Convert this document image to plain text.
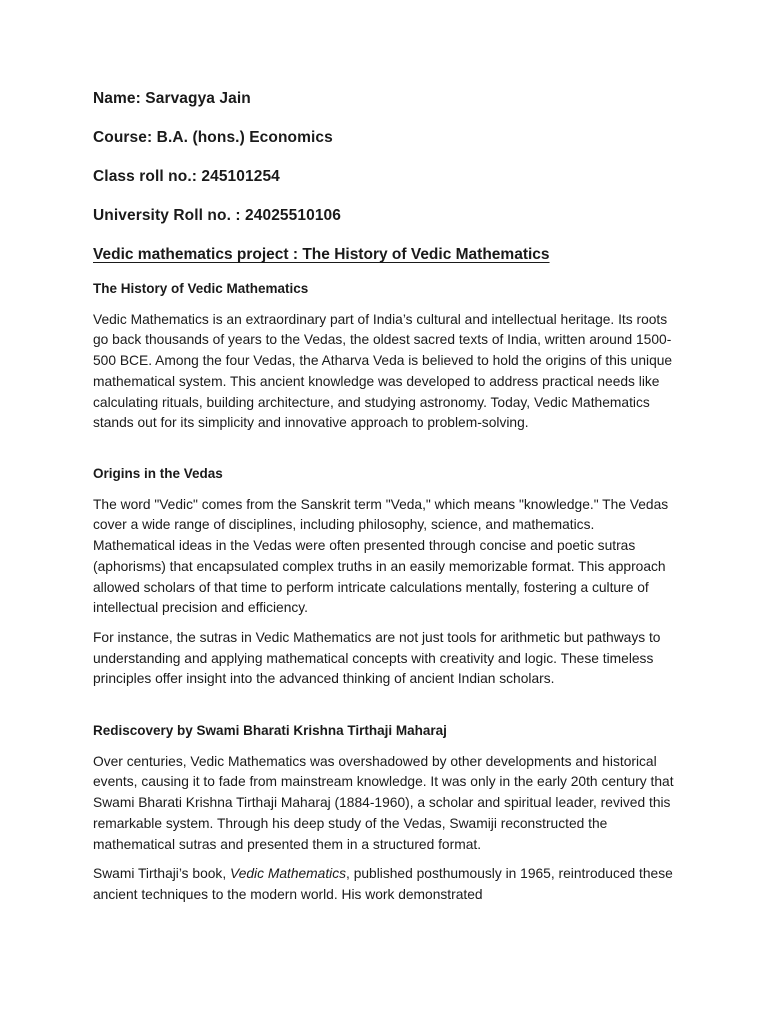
Name: Sarvagya Jain
Course: B.A. (hons.) Economics
Class roll no.: 245101254
University Roll no. : 24025510106
Vedic mathematics project : The History of Vedic Mathematics

The History of Vedic Mathematics

Vedic Mathematics is an extraordinary part of India’s cultural and intellectual heritage. Its roots go back thousands of years to the Vedas, the oldest sacred texts of India, written around 1500-500 BCE. Among the four Vedas, the Atharva Veda is believed to hold the origins of this unique mathematical system. This ancient knowledge was developed to address practical needs like calculating rituals, building architecture, and studying astronomy. Today, Vedic Mathematics stands out for its simplicity and innovative approach to problem-solving.

Origins in the Vedas

The word "Vedic" comes from the Sanskrit term "Veda," which means "knowledge." The Vedas cover a wide range of disciplines, including philosophy, science, and mathematics. Mathematical ideas in the Vedas were often presented through concise and poetic sutras (aphorisms) that encapsulated complex truths in an easily memorizable format. This approach allowed scholars of that time to perform intricate calculations mentally, fostering a culture of intellectual precision and efficiency.

For instance, the sutras in Vedic Mathematics are not just tools for arithmetic but pathways to understanding and applying mathematical concepts with creativity and logic. These timeless principles offer insight into the advanced thinking of ancient Indian scholars.

Rediscovery by Swami Bharati Krishna Tirthaji Maharaj

Over centuries, Vedic Mathematics was overshadowed by other developments and historical events, causing it to fade from mainstream knowledge. It was only in the early 20th century that Swami Bharati Krishna Tirthaji Maharaj (1884-1960), a scholar and spiritual leader, revived this remarkable system. Through his deep study of the Vedas, Swamiji reconstructed the mathematical sutras and presented them in a structured format.

Swami Tirthaji’s book, Vedic Mathematics, published posthumously in 1965, reintroduced these ancient techniques to the modern world. His work demonstrated
